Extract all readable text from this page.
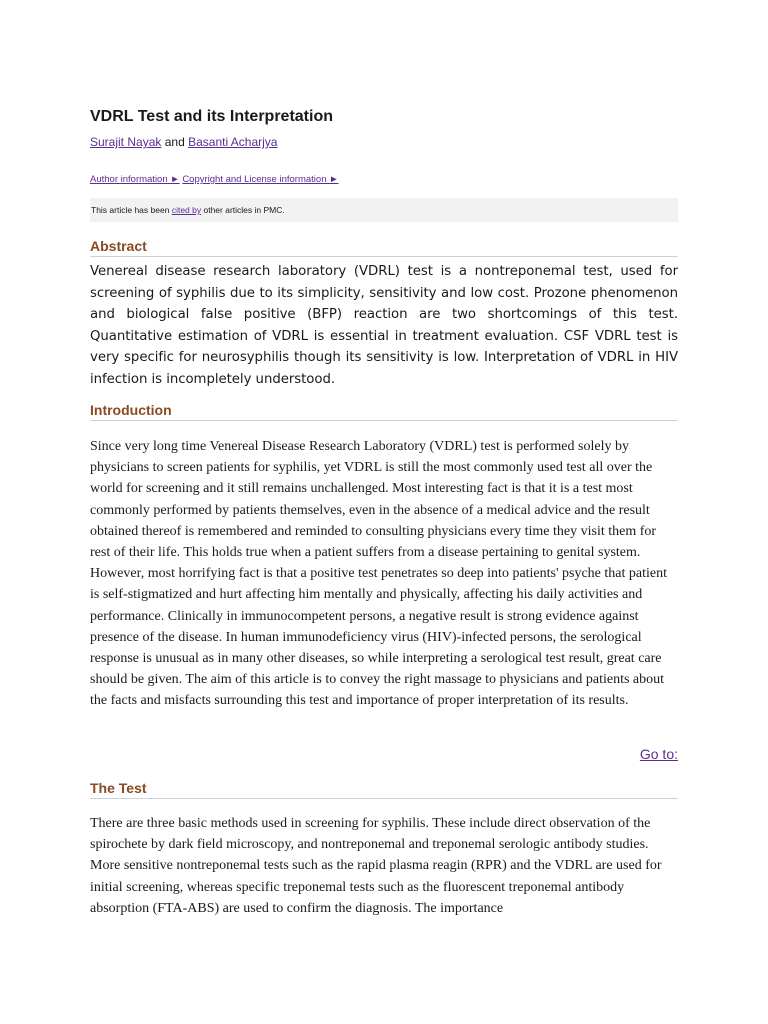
VDRL Test and its Interpretation
Surajit Nayak and Basanti Acharjya
Author information ► Copyright and License information ►
This article has been cited by other articles in PMC.
Abstract
Venereal disease research laboratory (VDRL) test is a nontreponemal test, used for screening of syphilis due to its simplicity, sensitivity and low cost. Prozone phenomenon and biological false positive (BFP) reaction are two shortcomings of this test. Quantitative estimation of VDRL is essential in treatment evaluation. CSF VDRL test is very specific for neurosyphilis though its sensitivity is low. Interpretation of VDRL in HIV infection is incompletely understood.
Introduction
Since very long time Venereal Disease Research Laboratory (VDRL) test is performed solely by physicians to screen patients for syphilis, yet VDRL is still the most commonly used test all over the world for screening and it still remains unchallenged. Most interesting fact is that it is a test most commonly performed by patients themselves, even in the absence of a medical advice and the result obtained thereof is remembered and reminded to consulting physicians every time they visit them for rest of their life. This holds true when a patient suffers from a disease pertaining to genital system. However, most horrifying fact is that a positive test penetrates so deep into patients' psyche that patient is self-stigmatized and hurt affecting him mentally and physically, affecting his daily activities and performance. Clinically in immunocompetent persons, a negative result is strong evidence against presence of the disease. In human immunodeficiency virus (HIV)-infected persons, the serological response is unusual as in many other diseases, so while interpreting a serological test result, great care should be given. The aim of this article is to convey the right massage to physicians and patients about the facts and misfacts surrounding this test and importance of proper interpretation of its results.
Go to:
The Test
There are three basic methods used in screening for syphilis. These include direct observation of the spirochete by dark field microscopy, and nontreponemal and treponemal serologic antibody studies. More sensitive nontreponemal tests such as the rapid plasma reagin (RPR) and the VDRL are used for initial screening, whereas specific treponemal tests such as the fluorescent treponemal antibody absorption (FTA-ABS) are used to confirm the diagnosis. The importance
